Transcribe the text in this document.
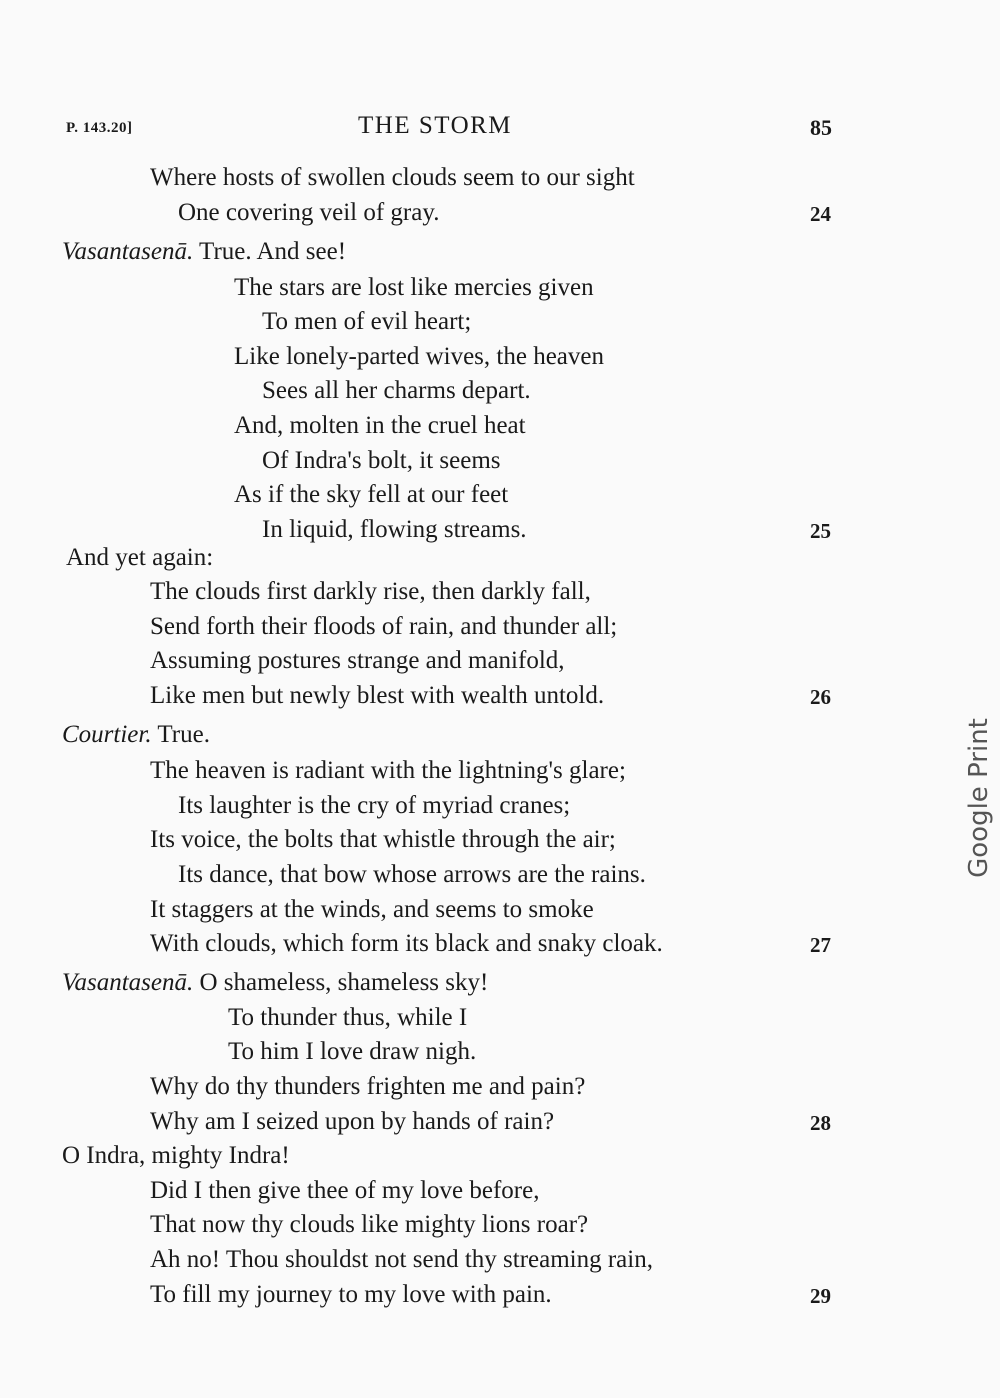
P. 143.20]	THE STORM	85
Where hosts of swollen clouds seem to our sight
One covering veil of gray.	24
Vasantasenā. True. And see!
The stars are lost like mercies given
To men of evil heart;
Like lonely-parted wives, the heaven
Sees all her charms depart.
And, molten in the cruel heat
Of Indra's bolt, it seems
As if the sky fell at our feet
In liquid, flowing streams.	25
And yet again:
The clouds first darkly rise, then darkly fall,
Send forth their floods of rain, and thunder all;
Assuming postures strange and manifold,
Like men but newly blest with wealth untold.	26
Courtier. True.
The heaven is radiant with the lightning's glare;
Its laughter is the cry of myriad cranes;
Its voice, the bolts that whistle through the air;
Its dance, that bow whose arrows are the rains.
It staggers at the winds, and seems to smoke
With clouds, which form its black and snaky cloak.	27
Vasantasenā. O shameless, shameless sky!
To thunder thus, while I
To him I love draw nigh.
Why do thy thunders frighten me and pain?
Why am I seized upon by hands of rain?	28
O Indra, mighty Indra!
Did I then give thee of my love before,
That now thy clouds like mighty lions roar?
Ah no! Thou shouldst not send thy streaming rain,
To fill my journey to my love with pain.	29
Google Print
